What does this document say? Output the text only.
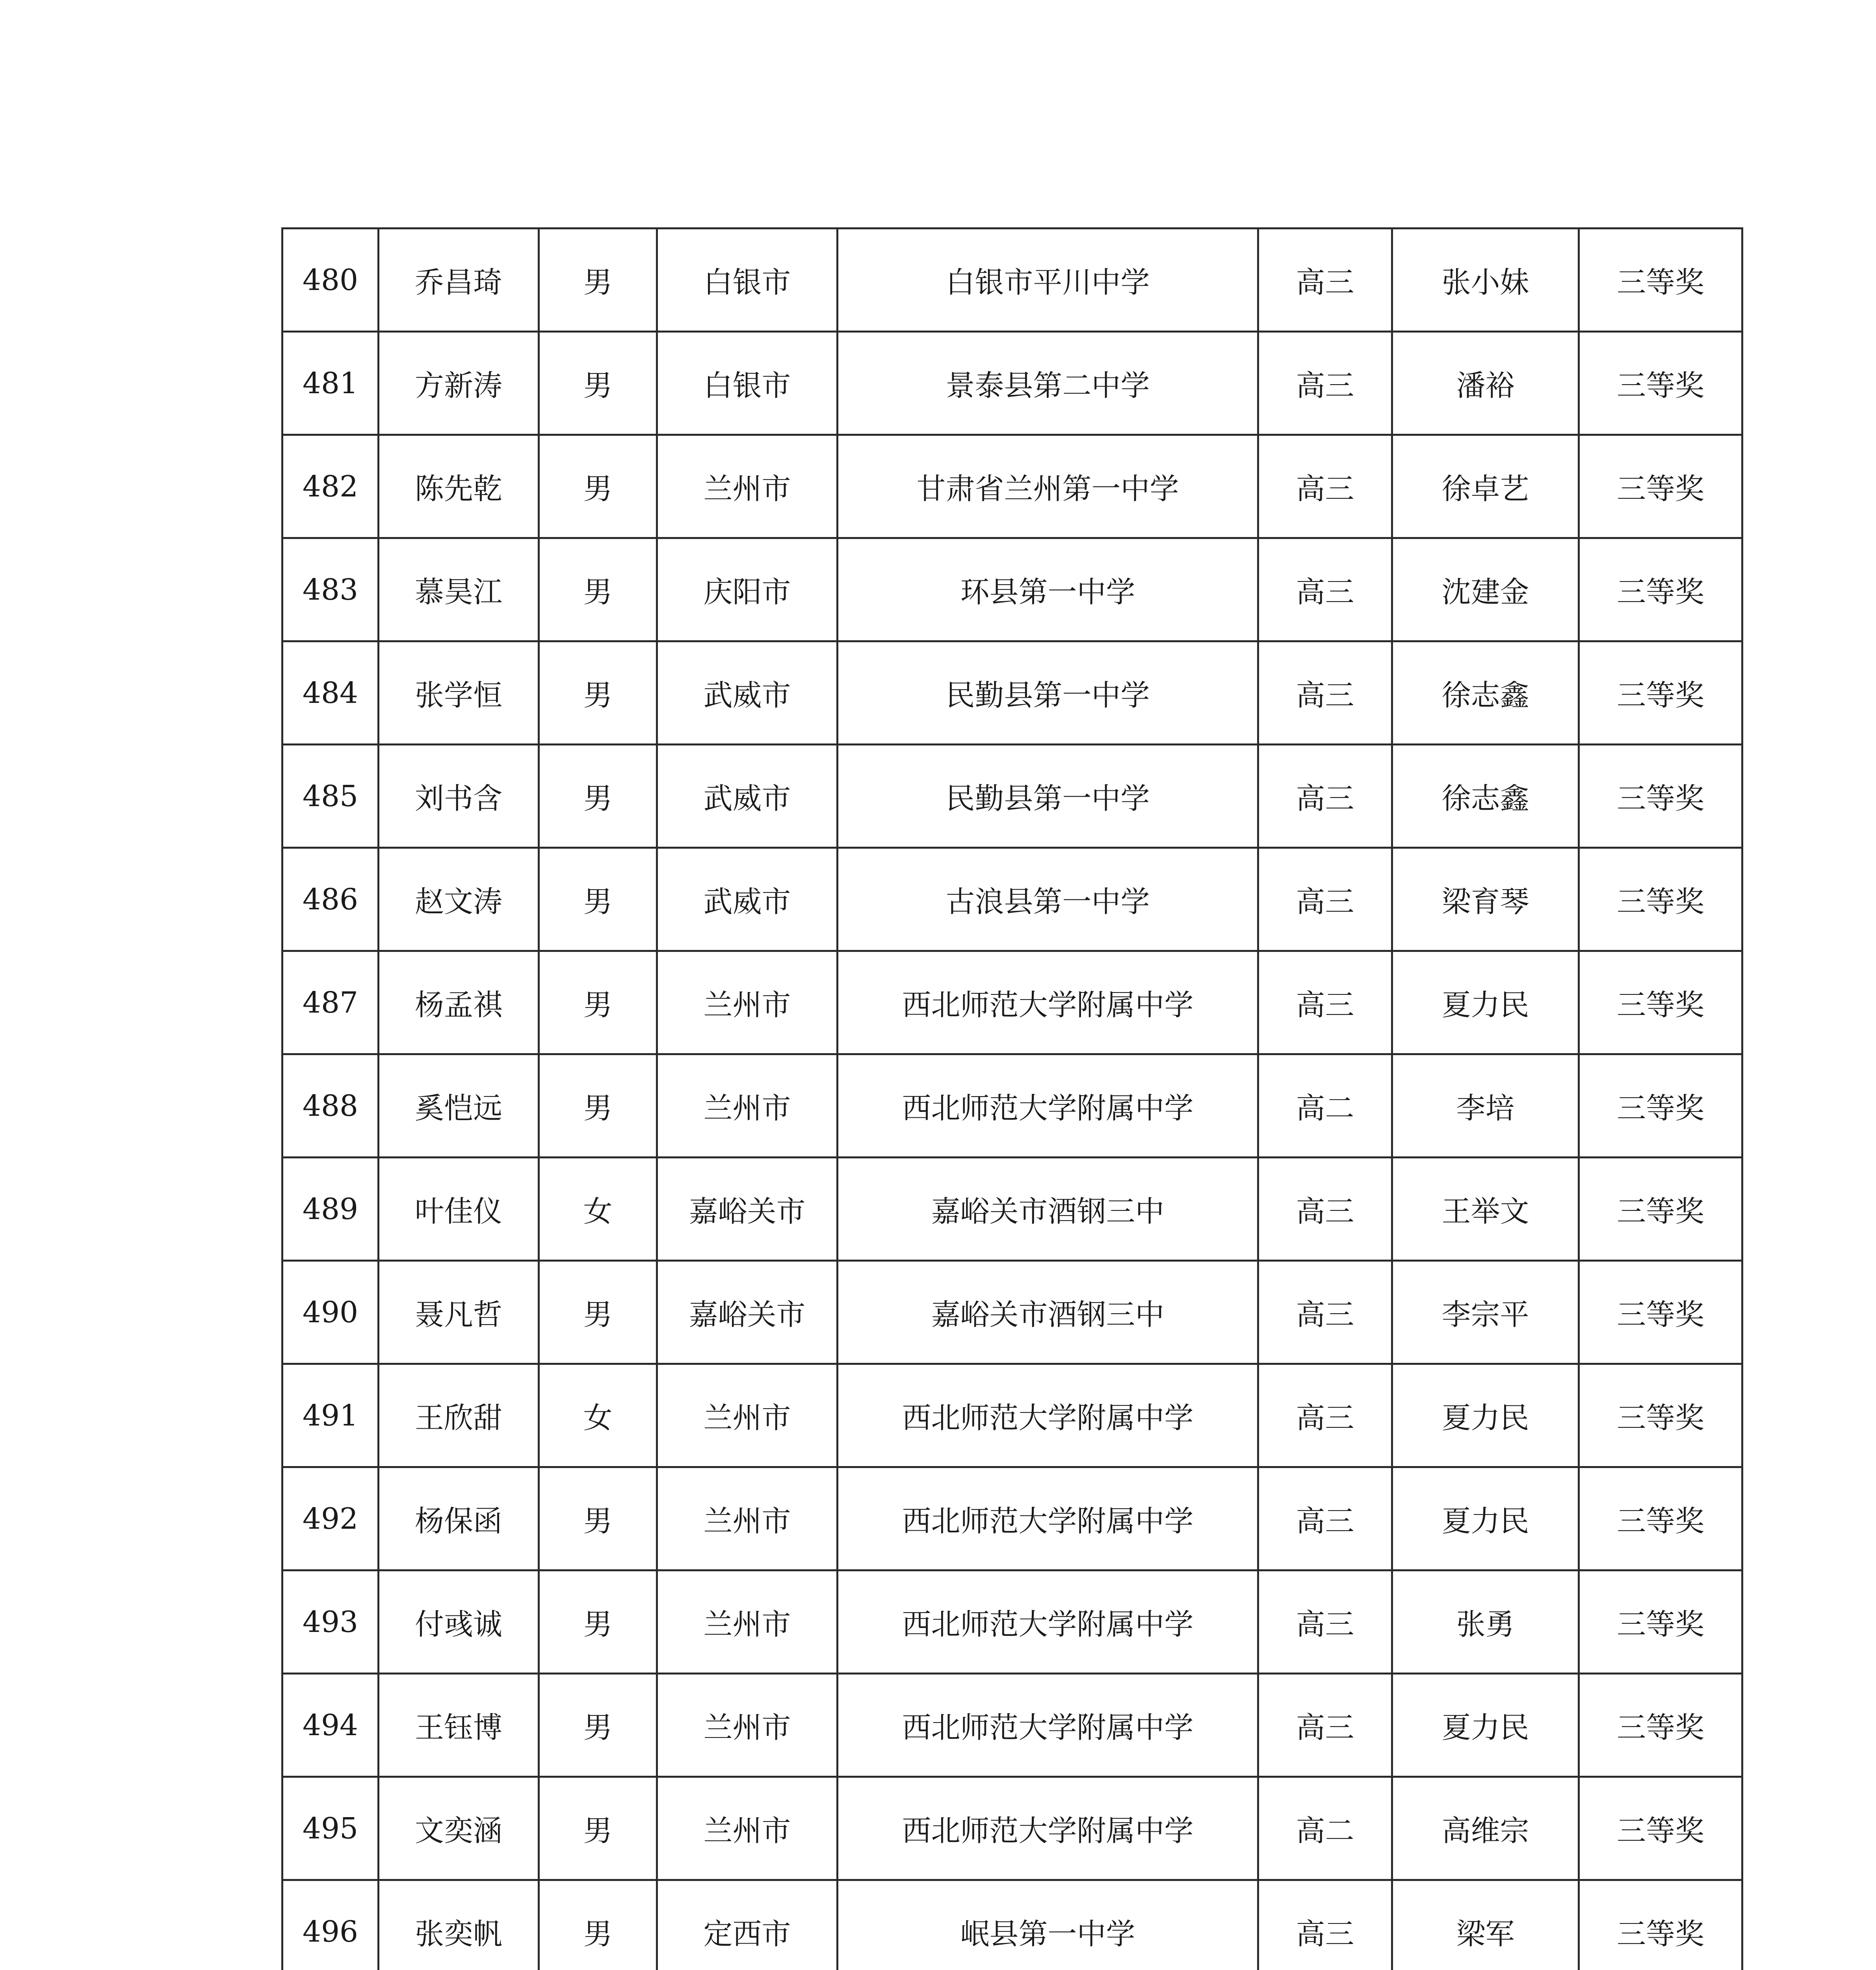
480	乔昌琦	男	白银市	白银市平川中学	高三	张小妹	三等奖
481	方新涛	男	白银市	景泰县第二中学	高三	潘裕	三等奖
482	陈先乾	男	兰州市	甘肃省兰州第一中学	高三	徐卓艺	三等奖
483	慕昊江	男	庆阳市	环县第一中学	高三	沈建金	三等奖
484	张学恒	男	武威市	民勤县第一中学	高三	徐志鑫	三等奖
485	刘书含	男	武威市	民勤县第一中学	高三	徐志鑫	三等奖
486	赵文涛	男	武威市	古浪县第一中学	高三	梁育琴	三等奖
487	杨孟祺	男	兰州市	西北师范大学附属中学	高三	夏力民	三等奖
488	奚恺远	男	兰州市	西北师范大学附属中学	高二	李培	三等奖
489	叶佳仪	女	嘉峪关市	嘉峪关市酒钢三中	高三	王举文	三等奖
490	聂凡哲	男	嘉峪关市	嘉峪关市酒钢三中	高三	李宗平	三等奖
491	王欣甜	女	兰州市	西北师范大学附属中学	高三	夏力民	三等奖
492	杨保函	男	兰州市	西北师范大学附属中学	高三	夏力民	三等奖
493	付彧诚	男	兰州市	西北师范大学附属中学	高三	张勇	三等奖
494	王钰博	男	兰州市	西北师范大学附属中学	高三	夏力民	三等奖
495	文奕涵	男	兰州市	西北师范大学附属中学	高二	高维宗	三等奖
496	张奕帆	男	定西市	岷县第一中学	高三	梁军	三等奖
